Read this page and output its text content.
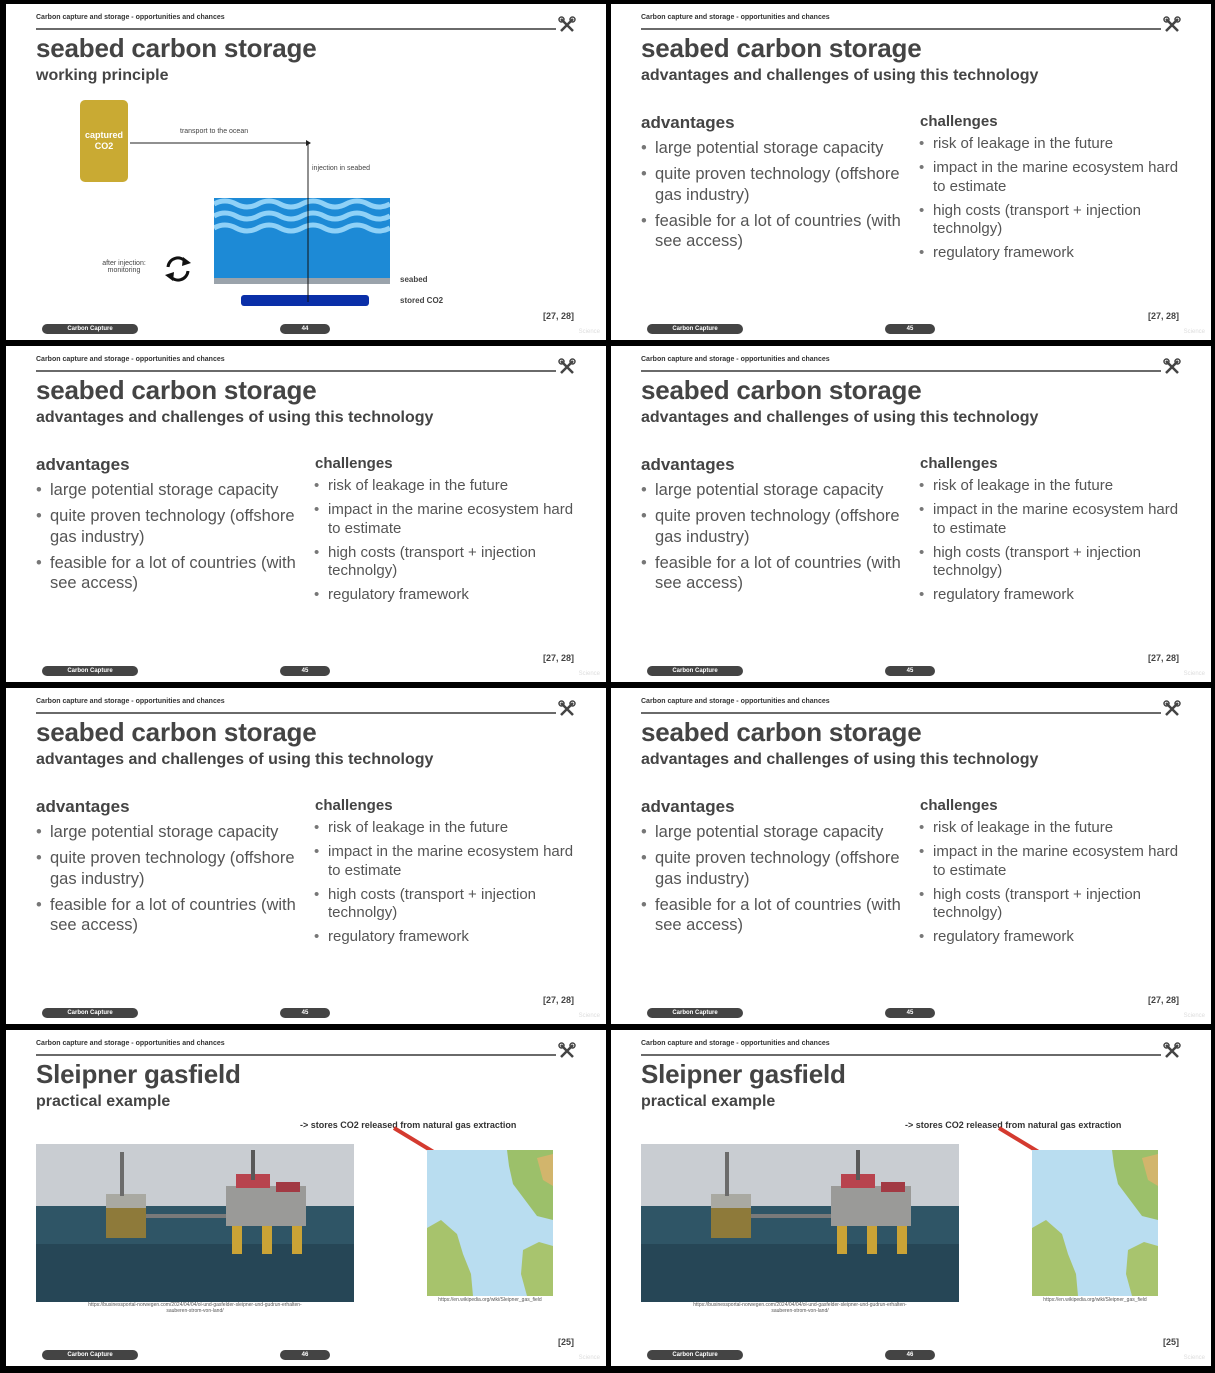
Carbon capture and storage - opportunities and chances
seabed carbon storage
working principle
captured CO2
transport to the ocean
injection in seabed
seabed
stored CO2
after injection: monitoring
[27, 28]
Carbon Capture	44	Science
Carbon capture and storage - opportunities and chances
seabed carbon storage
advantages and challenges of using this technology
advantages
• large potential storage capacity
• quite proven technology (offshore gas industry)
• feasible for a lot of countries (with see access)
challenges
• risk of leakage in the future
• impact in the marine ecosystem hard to estimate
• high costs (transport + injection technolgy)
• regulatory framework
[27, 28]
Carbon Capture	45	Science
Carbon capture and storage - opportunities and chances
seabed carbon storage
advantages and challenges of using this technology
advantages
• large potential storage capacity
• quite proven technology (offshore gas industry)
• feasible for a lot of countries (with see access)
challenges
• risk of leakage in the future
• impact in the marine ecosystem hard to estimate
• high costs (transport + injection technolgy)
• regulatory framework
[27, 28]
Carbon Capture	45	Science
Carbon capture and storage - opportunities and chances
seabed carbon storage
advantages and challenges of using this technology
advantages
• large potential storage capacity
• quite proven technology (offshore gas industry)
• feasible for a lot of countries (with see access)
challenges
• risk of leakage in the future
• impact in the marine ecosystem hard to estimate
• high costs (transport + injection technolgy)
• regulatory framework
[27, 28]
Carbon Capture	45	Science
Carbon capture and storage - opportunities and chances
seabed carbon storage
advantages and challenges of using this technology
advantages
• large potential storage capacity
• quite proven technology (offshore gas industry)
• feasible for a lot of countries (with see access)
challenges
• risk of leakage in the future
• impact in the marine ecosystem hard to estimate
• high costs (transport + injection technolgy)
• regulatory framework
[27, 28]
Carbon Capture	45	Science
Carbon capture and storage - opportunities and chances
seabed carbon storage
advantages and challenges of using this technology
advantages
• large potential storage capacity
• quite proven technology (offshore gas industry)
• feasible for a lot of countries (with see access)
challenges
• risk of leakage in the future
• impact in the marine ecosystem hard to estimate
• high costs (transport + injection technolgy)
• regulatory framework
[27, 28]
Carbon Capture	45	Science
Carbon capture and storage - opportunities and chances
Sleipner gasfield
practical example
-> stores CO2 released from natural gas extraction
https://businessportal-norwegen.com/2024/04/04/ol-und-gasfelder-sleipner-und-gudrun-erhalten-sauberen-strom-von-land/
https://en.wikipedia.org/wiki/Sleipner_gas_field
[25]
Carbon Capture	46	Science
Carbon capture and storage - opportunities and chances
Sleipner gasfield
practical example
-> stores CO2 released from natural gas extraction
https://businessportal-norwegen.com/2024/04/04/ol-und-gasfelder-sleipner-und-gudrun-erhalten-sauberen-strom-von-land/
https://en.wikipedia.org/wiki/Sleipner_gas_field
[25]
Carbon Capture	46	Science
